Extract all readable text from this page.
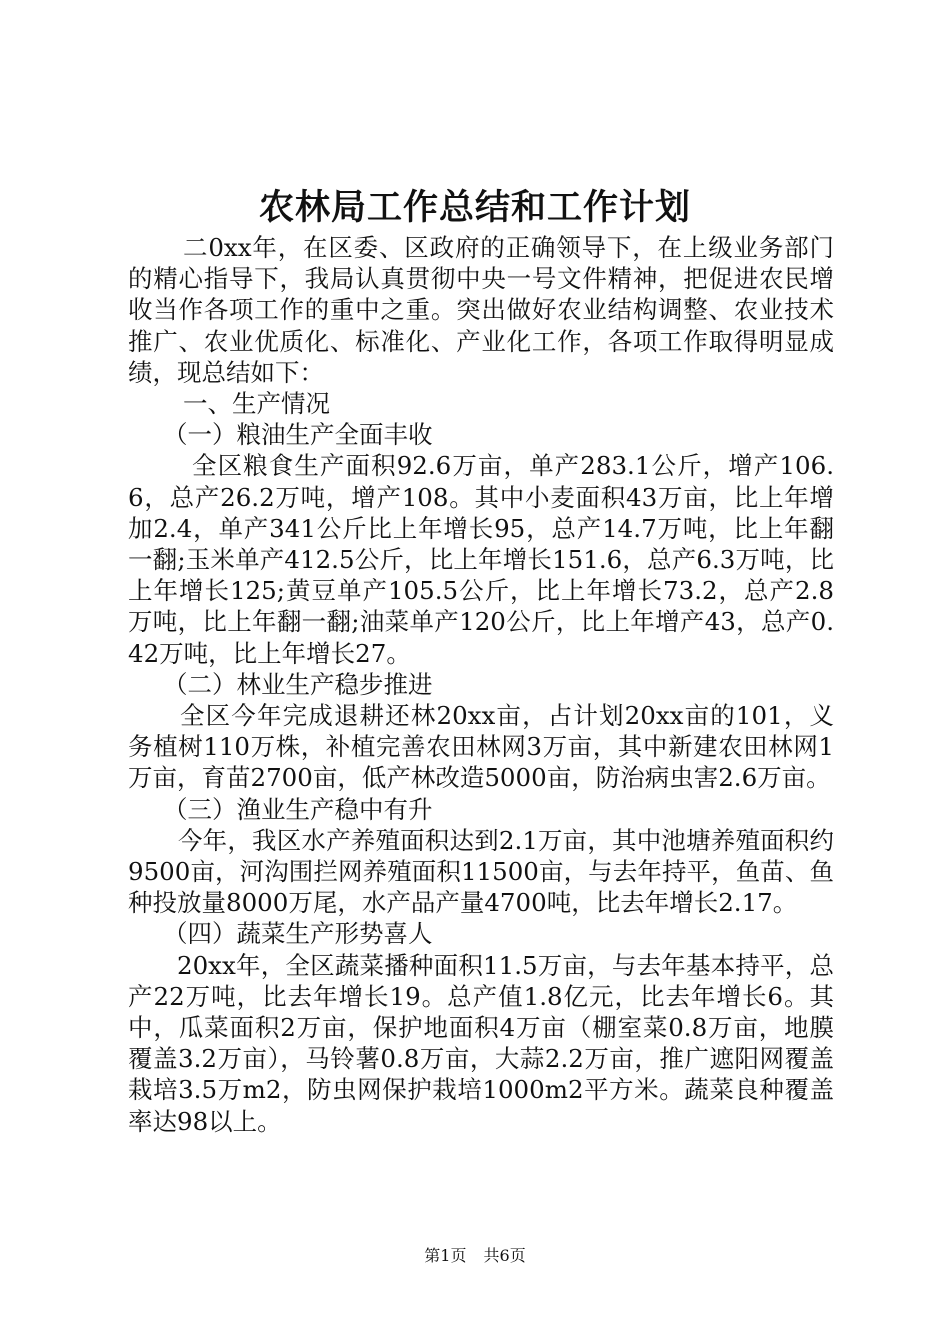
农林局工作总结和工作计划

二0xx年，在区委、区政府的正确领导下，在上级业务部门的精心指导下，我局认真贯彻中央一号文件精神，把促进农民增收当作各项工作的重中之重。突出做好农业结构调整、农业技术推广、农业优质化、标准化、产业化工作，各项工作取得明显成绩，现总结如下：

一、生产情况

（一）粮油生产全面丰收

全区粮食生产面积92.6万亩，单产283.1公斤，增产106.6，总产26.2万吨，增产108。其中小麦面积43万亩，比上年增加2.4，单产341公斤比上年增长95，总产14.7万吨，比上年翻一翻;玉米单产412.5公斤，比上年增长151.6，总产6.3万吨，比上年增长125;黄豆单产105.5公斤，比上年增长73.2，总产2.8万吨，比上年翻一翻;油菜单产120公斤，比上年增产43，总产0.42万吨，比上年增长27。

（二）林业生产稳步推进

全区今年完成退耕还林20xx亩，占计划20xx亩的101，义务植树110万株，补植完善农田林网3万亩，其中新建农田林网1万亩，育苗2700亩，低产林改造5000亩，防治病虫害2.6万亩。

（三）渔业生产稳中有升

今年，我区水产养殖面积达到2.1万亩，其中池塘养殖面积约9500亩，河沟围拦网养殖面积11500亩，与去年持平，鱼苗、鱼种投放量8000万尾，水产品产量4700吨，比去年增长2.17。

（四）蔬菜生产形势喜人

20xx年，全区蔬菜播种面积11.5万亩，与去年基本持平，总产22万吨，比去年增长19。总产值1.8亿元，比去年增长6。其中，瓜菜面积2万亩，保护地面积4万亩（棚室菜0.8万亩，地膜覆盖3.2万亩），马铃薯0.8万亩，大蒜2.2万亩，推广遮阳网覆盖栽培3.5万m2，防虫网保护栽培1000m2平方米。蔬菜良种覆盖率达98以上。

第1页 共6页
